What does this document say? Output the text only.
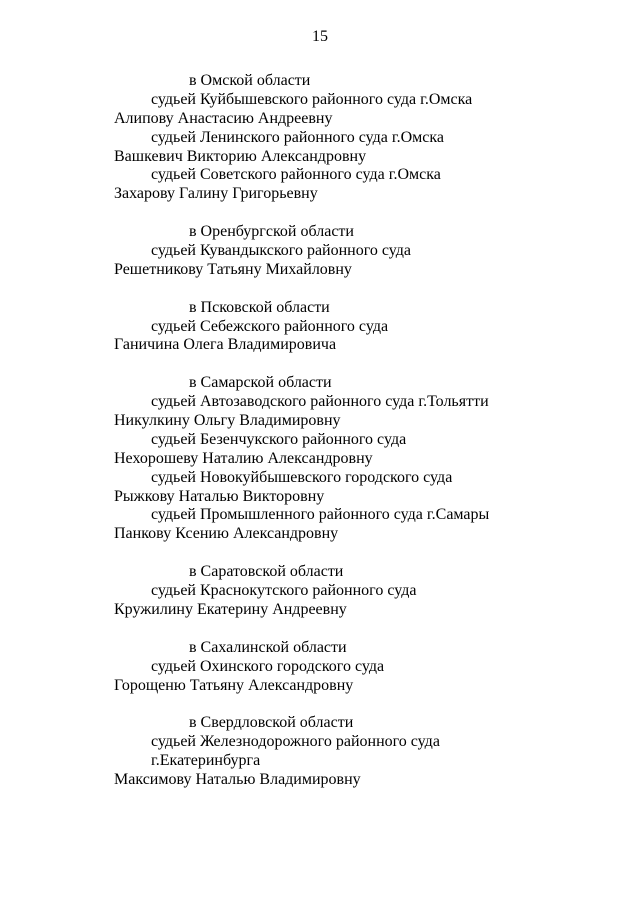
15
в Омской области
судьей Куйбышевского районного суда г.Омска
Алипову Анастасию Андреевну
судьей Ленинского районного суда г.Омска
Вашкевич Викторию Александровну
судьей Советского районного суда г.Омска
Захарову Галину Григорьевну
в Оренбургской области
судьей Кувандыкского районного суда
Решетникову Татьяну Михайловну
в Псковской области
судьей Себежского районного суда
Ганичина Олега Владимировича
в Самарской области
судьей Автозаводского районного суда г.Тольятти
Никулкину Ольгу Владимировну
судьей Безенчукского районного суда
Нехорошеву Наталию Александровну
судьей Новокуйбышевского городского суда
Рыжкову Наталью Викторовну
судьей Промышленного районного суда г.Самары
Панкову Ксению Александровну
в Саратовской области
судьей Краснокутского районного суда
Кружилину Екатерину Андреевну
в Сахалинской области
судьей Охинского городского суда
Горощеню Татьяну Александровну
в Свердловской области
судьей Железнодорожного районного суда
г.Екатеринбурга
Максимову Наталью Владимировну
